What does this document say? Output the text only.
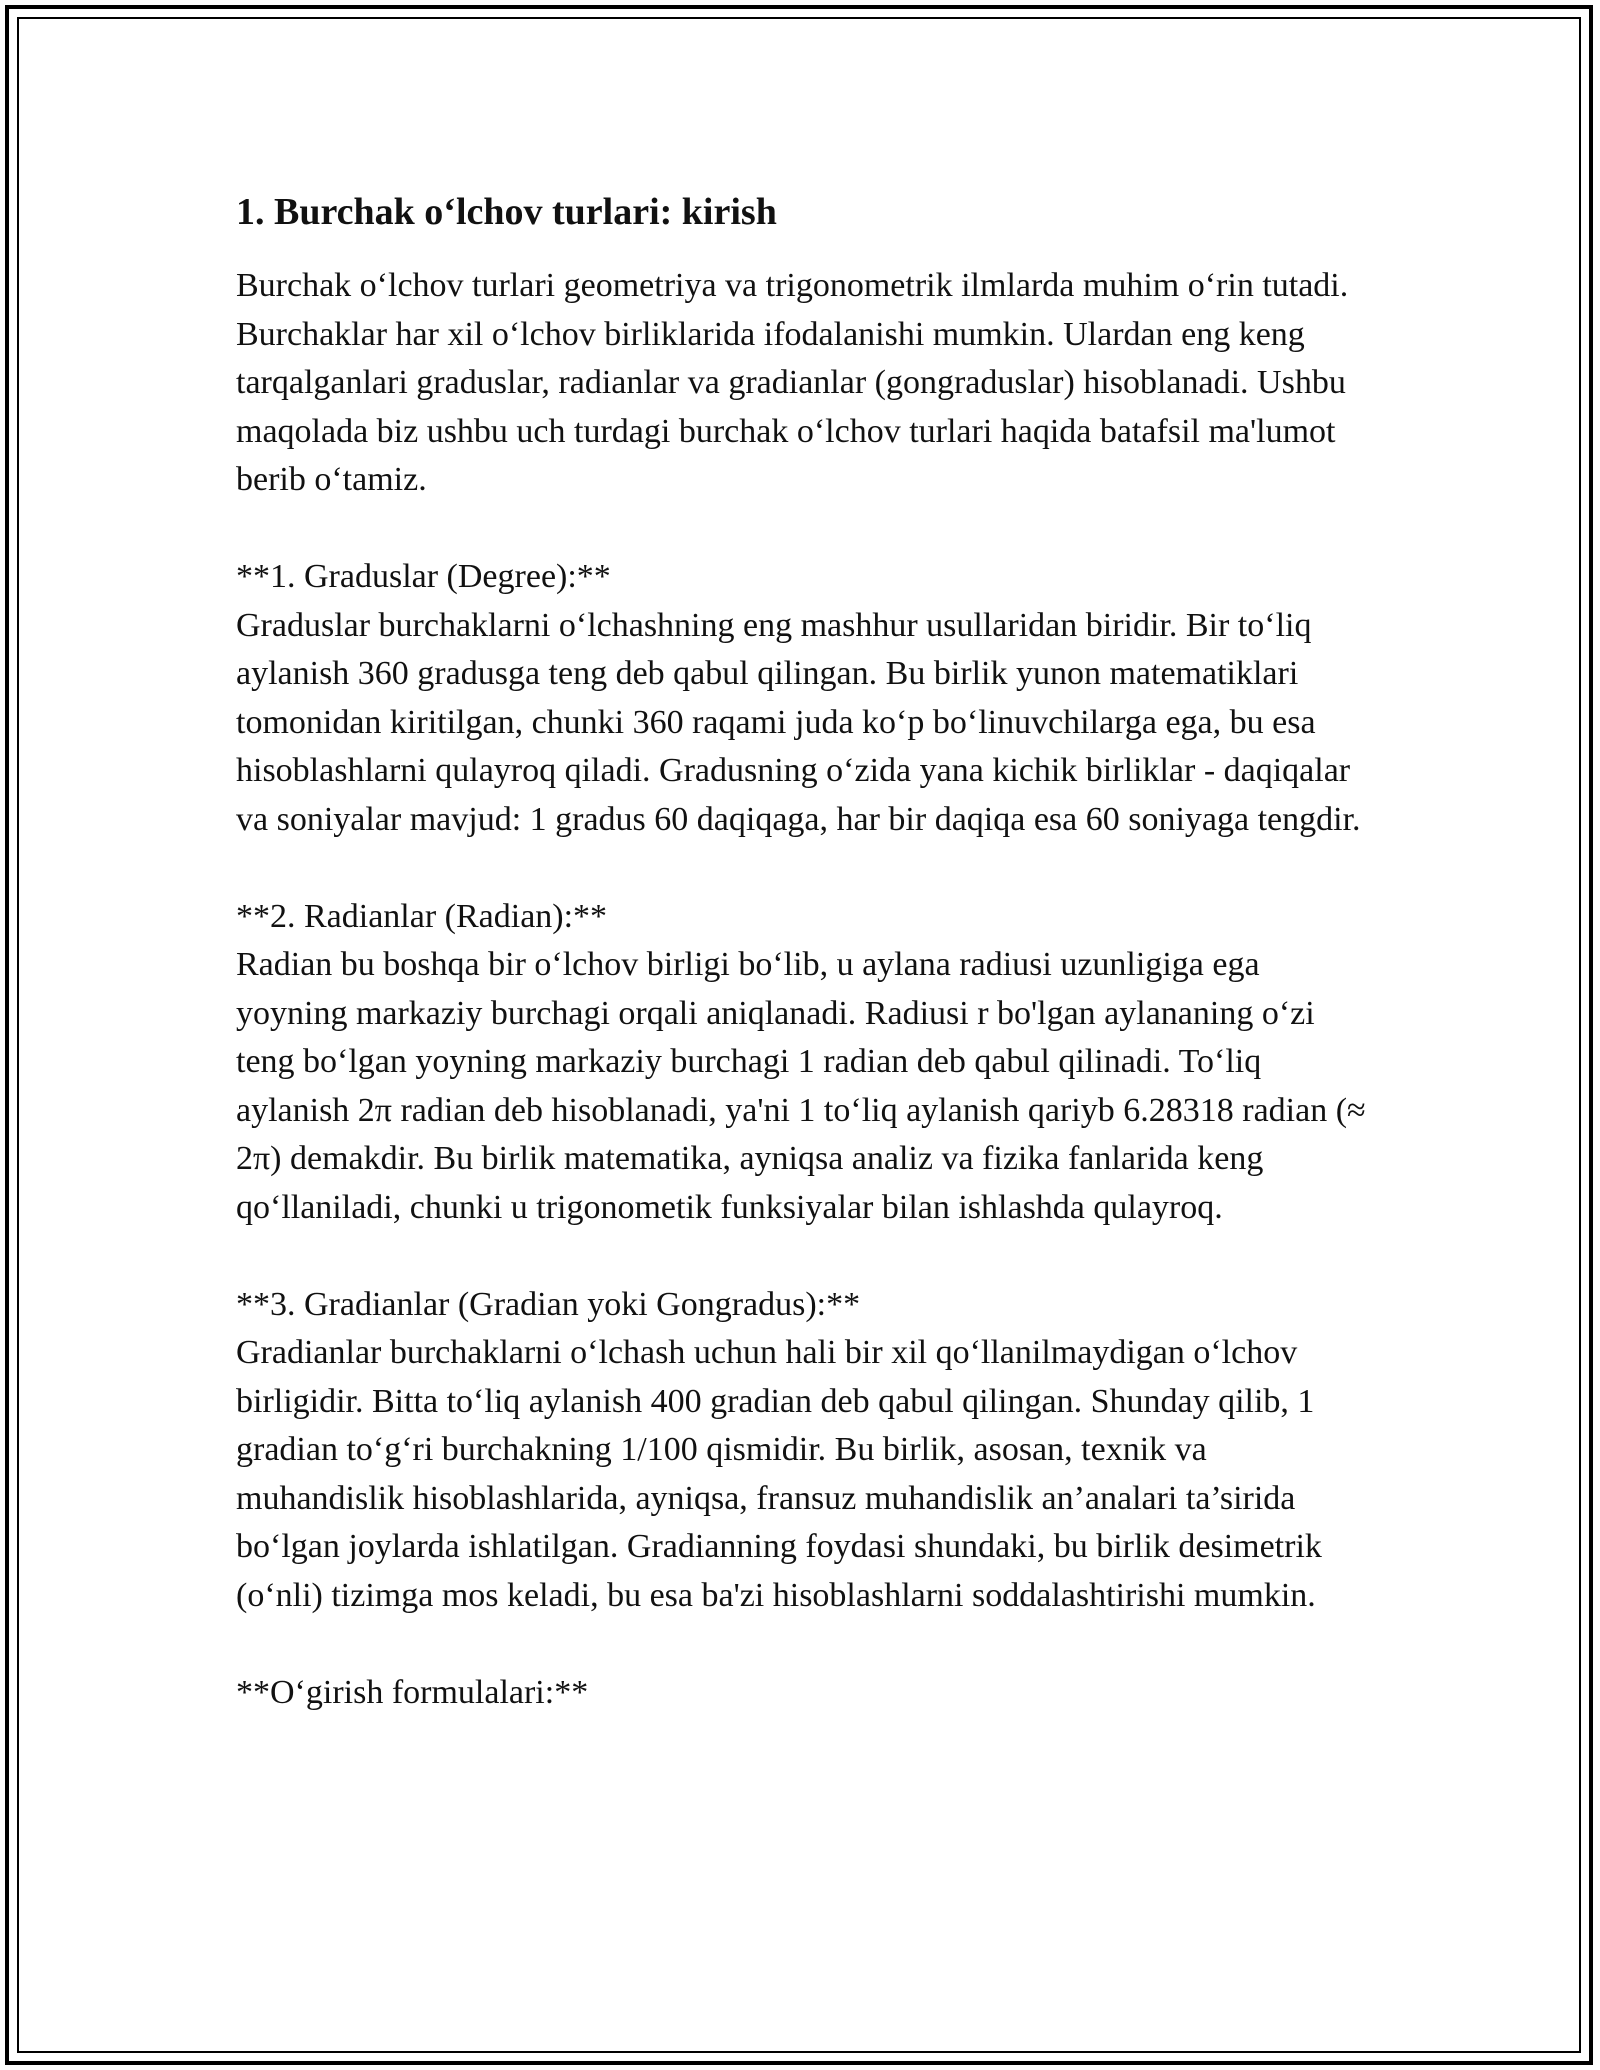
1. Burchak o‘lchov turlari: kirish

Burchak o‘lchov turlari geometriya va trigonometrik ilmlarda muhim o‘rin tutadi. Burchaklar har xil o‘lchov birliklarida ifodalanishi mumkin. Ulardan eng keng tarqalganlari graduslar, radianlar va gradianlar (gongraduslar) hisoblanadi. Ushbu maqolada biz ushbu uch turdagi burchak o‘lchov turlari haqida batafsil ma'lumot berib o‘tamiz.

**1. Graduslar (Degree):**
Graduslar burchaklarni o‘lchashning eng mashhur usullaridan biridir. Bir to‘liq aylanish 360 gradusga teng deb qabul qilingan. Bu birlik yunon matematiklari tomonidan kiritilgan, chunki 360 raqami juda ko‘p bo‘linuvchilarga ega, bu esa hisoblashlarni qulayroq qiladi. Gradusning o‘zida yana kichik birliklar - daqiqalar va soniyalar mavjud: 1 gradus 60 daqiqaga, har bir daqiqa esa 60 soniyaga tengdir.

**2. Radianlar (Radian):**
Radian bu boshqa bir o‘lchov birligi bo‘lib, u aylana radiusi uzunligiga ega yoyning markaziy burchagi orqali aniqlanadi. Radiusi r bo'lgan aylananing o‘zi teng bo‘lgan yoyning markaziy burchagi 1 radian deb qabul qilinadi. To‘liq aylanish 2π radian deb hisoblanadi, ya'ni 1 to‘liq aylanish qariyb 6.28318 radian (≈ 2π) demakdir. Bu birlik matematika, ayniqsa analiz va fizika fanlarida keng qo‘llaniladi, chunki u trigonometik funksiyalar bilan ishlashda qulayroq.

**3. Gradianlar (Gradian yoki Gongradus):**
Gradianlar burchaklarni o‘lchash uchun hali bir xil qo‘llanilmaydigan o‘lchov birligidir. Bitta to‘liq aylanish 400 gradian deb qabul qilingan. Shunday qilib, 1 gradian to‘g‘ri burchakning 1/100 qismidir. Bu birlik, asosan, texnik va muhandislik hisoblashlarida, ayniqsa, fransuz muhandislik an’analari ta’sirida bo‘lgan joylarda ishlatilgan. Gradianning foydasi shundaki, bu birlik desimetrik (o‘nli) tizimga mos keladi, bu esa ba'zi hisoblashlarni soddalashtirishi mumkin.

**O‘girish formulalari:**
